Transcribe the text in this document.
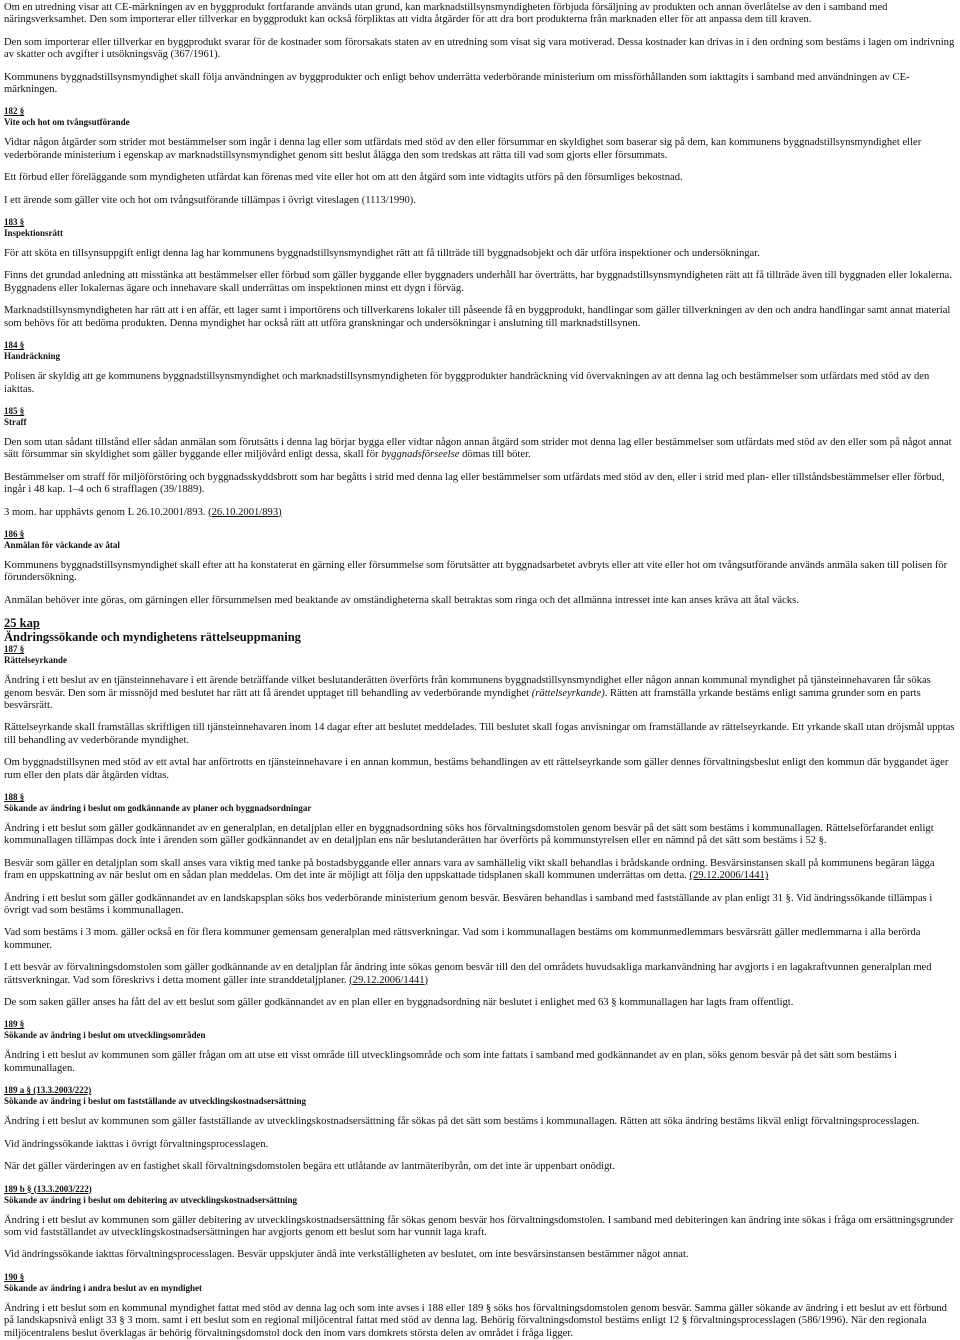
Om en utredning visar att CE-märkningen av en byggprodukt fortfarande används utan grund, kan marknadstillsynsmyndigheten förbjuda försäljning av produkten och annan överlåtelse av den i samband med näringsverksamhet. Den som importerar eller tillverkar en byggprodukt kan också förpliktas att vidta åtgärder för att dra bort produkterna från marknaden eller för att anpassa dem till kraven.
Den som importerar eller tillverkar en byggprodukt svarar för de kostnader som förorsakats staten av en utredning som visat sig vara motiverad. Dessa kostnader kan drivas in i den ordning som bestäms i lagen om indrivning av skatter och avgifter i utsökningsväg (367/1961).
Kommunens byggnadstillsynsmyndighet skall följa användningen av byggprodukter och enligt behov underrätta vederbörande ministerium om missförhållanden som iakttagits i samband med användningen av CE-märkningen.
182 §
Vite och hot om tvångsutförande
Vidtar någon åtgärder som strider mot bestämmelser som ingår i denna lag eller som utfärdats med stöd av den eller försummar en skyldighet som baserar sig på dem, kan kommunens byggnadstillsynsmyndighet eller vederbörande ministerium i egenskap av marknadstillsynsmyndighet genom sitt beslut ålägga den som tredskas att rätta till vad som gjorts eller försummats.
Ett förbud eller föreläggande som myndigheten utfärdat kan förenas med vite eller hot om att den åtgärd som inte vidtagits utförs på den försumliges bekostnad.
I ett ärende som gäller vite och hot om tvångsutförande tillämpas i övrigt viteslagen (1113/1990).
183 §
Inspektionsrätt
För att sköta en tillsynsuppgift enligt denna lag har kommunens byggnadstillsynsmyndighet rätt att få tillträde till byggnadsobjekt och där utföra inspektioner och undersökningar.
Finns det grundad anledning att misstänka att bestämmelser eller förbud som gäller byggande eller byggnaders underhåll har överträtts, har byggnadstillsynsmyndigheten rätt att få tillträde även till byggnaden eller lokalerna. Byggnadens eller lokalernas ägare och innehavare skall underrättas om inspektionen minst ett dygn i förväg.
Marknadstillsynsmyndigheten har rätt att i en affär, ett lager samt i importörens och tillverkarens lokaler till påseende få en byggprodukt, handlingar som gäller tillverkningen av den och andra handlingar samt annat material som behövs för att bedöma produkten. Denna myndighet har också rätt att utföra granskningar och undersökningar i anslutning till marknadstillsynen.
184 §
Handräckning
Polisen är skyldig att ge kommunens byggnadstillsynsmyndighet och marknadstillsynsmyndigheten för byggprodukter handräckning vid övervakningen av att denna lag och bestämmelser som utfärdats med stöd av den iakttas.
185 §
Straff
Den som utan sådant tillstånd eller sådan anmälan som förutsätts i denna lag börjar bygga eller vidtar någon annan åtgärd som strider mot denna lag eller bestämmelser som utfärdats med stöd av den eller som på något annat sätt försummar sin skyldighet som gäller byggande eller miljövård enligt dessa, skall för byggnadsförseelse dömas till böter.
Bestämmelser om straff för miljöförstöring och byggnadsskyddsbrott som har begåtts i strid med denna lag eller bestämmelser som utfärdats med stöd av den, eller i strid med plan- eller tillståndsbestämmelser eller förbud, ingår i 48 kap. 1–4 och 6 strafflagen (39/1889).
3 mom. har upphävts genom L 26.10.2001/893. (26.10.2001/893)
186 §
Anmälan för väckande av åtal
Kommunens byggnadstillsynsmyndighet skall efter att ha konstaterat en gärning eller försummelse som förutsätter att byggnadsarbetet avbryts eller att vite eller hot om tvångsutförande används anmäla saken till polisen för förundersökning.
Anmälan behöver inte göras, om gärningen eller försummelsen med beaktande av omständigheterna skall betraktas som ringa och det allmänna intresset inte kan anses kräva att åtal väcks.
25 kap
Ändringssökande och myndighetens rättelseuppmaning
187 §
Rättelseyrkande
Ändring i ett beslut av en tjänsteinnehavare i ett ärende beträffande vilket beslutanderätten överförts från kommunens byggnadstillsynsmyndighet eller någon annan kommunal myndighet på tjänsteinnehavaren får sökas genom besvär. Den som är missnöjd med beslutet har rätt att få ärendet upptaget till behandling av vederbörande myndighet (rättelseyrkande). Rätten att framställa yrkande bestäms enligt samma grunder som en parts besvärsrätt.
Rättelseyrkande skall framställas skriftligen till tjänsteinnehavaren inom 14 dagar efter att beslutet meddelades. Till beslutet skall fogas anvisningar om framställande av rättelseyrkande. Ett yrkande skall utan dröjsmål upptas till behandling av vederbörande myndighet.
Om byggnadstillsynen med stöd av ett avtal har anförtrotts en tjänsteinnehavare i en annan kommun, bestäms behandlingen av ett rättelseyrkande som gäller dennes förvaltningsbeslut enligt den kommun där byggandet äger rum eller den plats där åtgärden vidtas.
188 §
Sökande av ändring i beslut om godkännande av planer och byggnadsordningar
Ändring i ett beslut som gäller godkännandet av en generalplan, en detaljplan eller en byggnadsordning söks hos förvaltningsdomstolen genom besvär på det sätt som bestäms i kommunallagen. Rättelseförfarandet enligt kommunallagen tillämpas dock inte i ärenden som gäller godkännandet av en detaljplan ens när beslutanderätten har överförts på kommunstyrelsen eller en nämnd på det sätt som bestäms i 52 §.
Besvär som gäller en detaljplan som skall anses vara viktig med tanke på bostadsbyggande eller annars vara av samhällelig vikt skall behandlas i brådskande ordning. Besvärsinstansen skall på kommunens begäran lägga fram en uppskattning av när beslut om en sådan plan meddelas. Om det inte är möjligt att följa den uppskattade tidsplanen skall kommunen underrättas om detta. (29.12.2006/1441)
Ändring i ett beslut som gäller godkännandet av en landskapsplan söks hos vederbörande ministerium genom besvär. Besvären behandlas i samband med fastställande av plan enligt 31 §. Vid ändringssökande tillämpas i övrigt vad som bestäms i kommunallagen.
Vad som bestäms i 3 mom. gäller också en för flera kommuner gemensam generalplan med rättsverkningar. Vad som i kommunallagen bestäms om kommunmedlemmars besvärsrätt gäller medlemmarna i alla berörda kommuner.
I ett besvär av förvaltningsdomstolen som gäller godkännande av en detaljplan får ändring inte sökas genom besvär till den del områdets huvudsakliga markanvändning har avgjorts i en lagakraftvunnen generalplan med rättsverkningar. Vad som föreskrivs i detta moment gäller inte stranddetaljplaner. (29.12.2006/1441)
De som saken gäller anses ha fått del av ett beslut som gäller godkännandet av en plan eller en byggnadsordning när beslutet i enlighet med 63 § kommunallagen har lagts fram offentligt.
189 §
Sökande av ändring i beslut om utvecklingsområden
Ändring i ett beslut av kommunen som gäller frågan om att utse ett visst område till utvecklingsområde och som inte fattats i samband med godkännandet av en plan, söks genom besvär på det sätt som bestäms i kommunallagen.
189 a § (13.3.2003/222)
Sökande av ändring i beslut om fastställande av utvecklingskostnadsersättning
Ändring i ett beslut av kommunen som gäller fastställande av utvecklingskostnadsersättning får sökas på det sätt som bestäms i kommunallagen. Rätten att söka ändring bestäms likväl enligt förvaltningsprocesslagen.
Vid ändringssökande iakttas i övrigt förvaltningsprocesslagen.
När det gäller värderingen av en fastighet skall förvaltningsdomstolen begära ett utlåtande av lantmäteribyrån, om det inte är uppenbart onödigt.
189 b § (13.3.2003/222)
Sökande av ändring i beslut om debitering av utvecklingskostnadsersättning
Ändring i ett beslut av kommunen som gäller debitering av utvecklingskostnadsersättning får sökas genom besvär hos förvaltningsdomstolen. I samband med debiteringen kan ändring inte sökas i fråga om ersättningsgrunder som vid fastställandet av utvecklingskostnadsersättningen har avgjorts genom ett beslut som har vunnit laga kraft.
Vid ändringssökande iakttas förvaltningsprocesslagen. Besvär uppskjuter ändå inte verkställigheten av beslutet, om inte besvärsinstansen bestämmer något annat.
190 §
Sökande av ändring i andra beslut av en myndighet
Ändring i ett beslut som en kommunal myndighet fattat med stöd av denna lag och som inte avses i 188 eller 189 § söks hos förvaltningsdomstolen genom besvär. Samma gäller sökande av ändring i ett beslut av ett förbund på landskapsnivå enligt 33 § 3 mom. samt i ett beslut som en regional miljöcentral fattat med stöd av denna lag. Behörig förvaltningsdomstol bestäms enligt 12 § förvaltningsprocesslagen (586/1996). När den regionala miljöcentralens beslut överklagas är behörig förvaltningsdomstol dock den inom vars domkrets största delen av området i fråga ligger.
